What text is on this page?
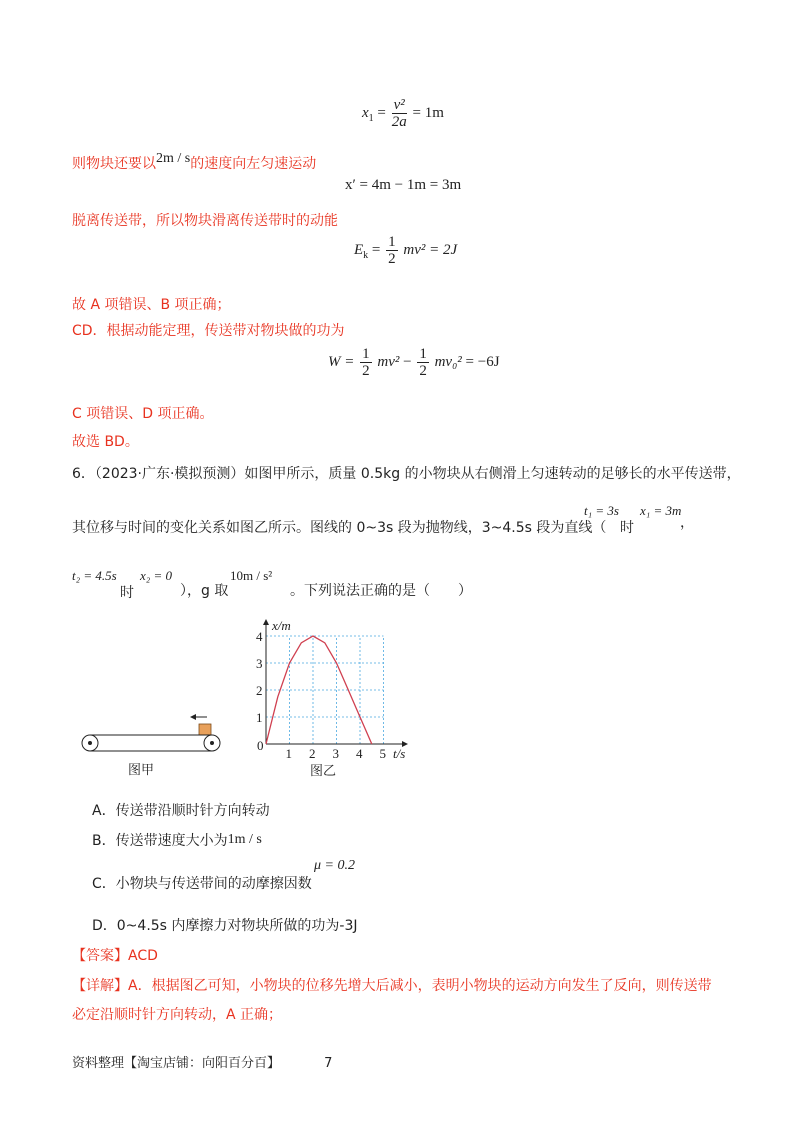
$x_1 = \frac{\text{v²}}{2a} = 1m$
则物块还要以2m / s的速度向左匀速运动
x′ = 4m − 1m = 3m
脱离传送带，所以物块滑离传送带时的动能
$E_k = \frac{1}{2} mv^2 = 2J$
故 A 项错误、B 项正确；
CD．根据动能定理，传送带对物块做的功为
$W = \frac{1}{2} mv^2 - \frac{1}{2} mv_0^2 = -6J$
C 项错误、D 项正确。
故选 BD。
6．（2023·广东·模拟预测）如图甲所示，质量 0.5kg 的小物块从右侧滑上匀速转动的足够长的水平传送带，
其位移与时间的变化关系如图乙所示。图线的 0~3s 段为抛物线，3~4.5s 段为直线（
t₁ = 3s
时
x₁ = 3m
，
t₂ = 4.5s
时
x₂ = 0
），g 取
10m / s²
。下列说法正确的是（　　）
图甲
x/m
t/s
0
1 2 3 4 5
1
2
3
4
图乙
A．传送带沿顺时针方向转动
B．传送带速度大小为1m / s
C．小物块与传送带间的动摩擦因数
μ = 0.2
D．0~4.5s 内摩擦力对物块所做的功为-3J
【答案】ACD
【详解】A．根据图乙可知，小物块的位移先增大后减小，表明小物块的运动方向发生了反向，则传送带
必定沿顺时针方向转动，A 正确；
资料整理【淘宝店铺：向阳百分百】	7
